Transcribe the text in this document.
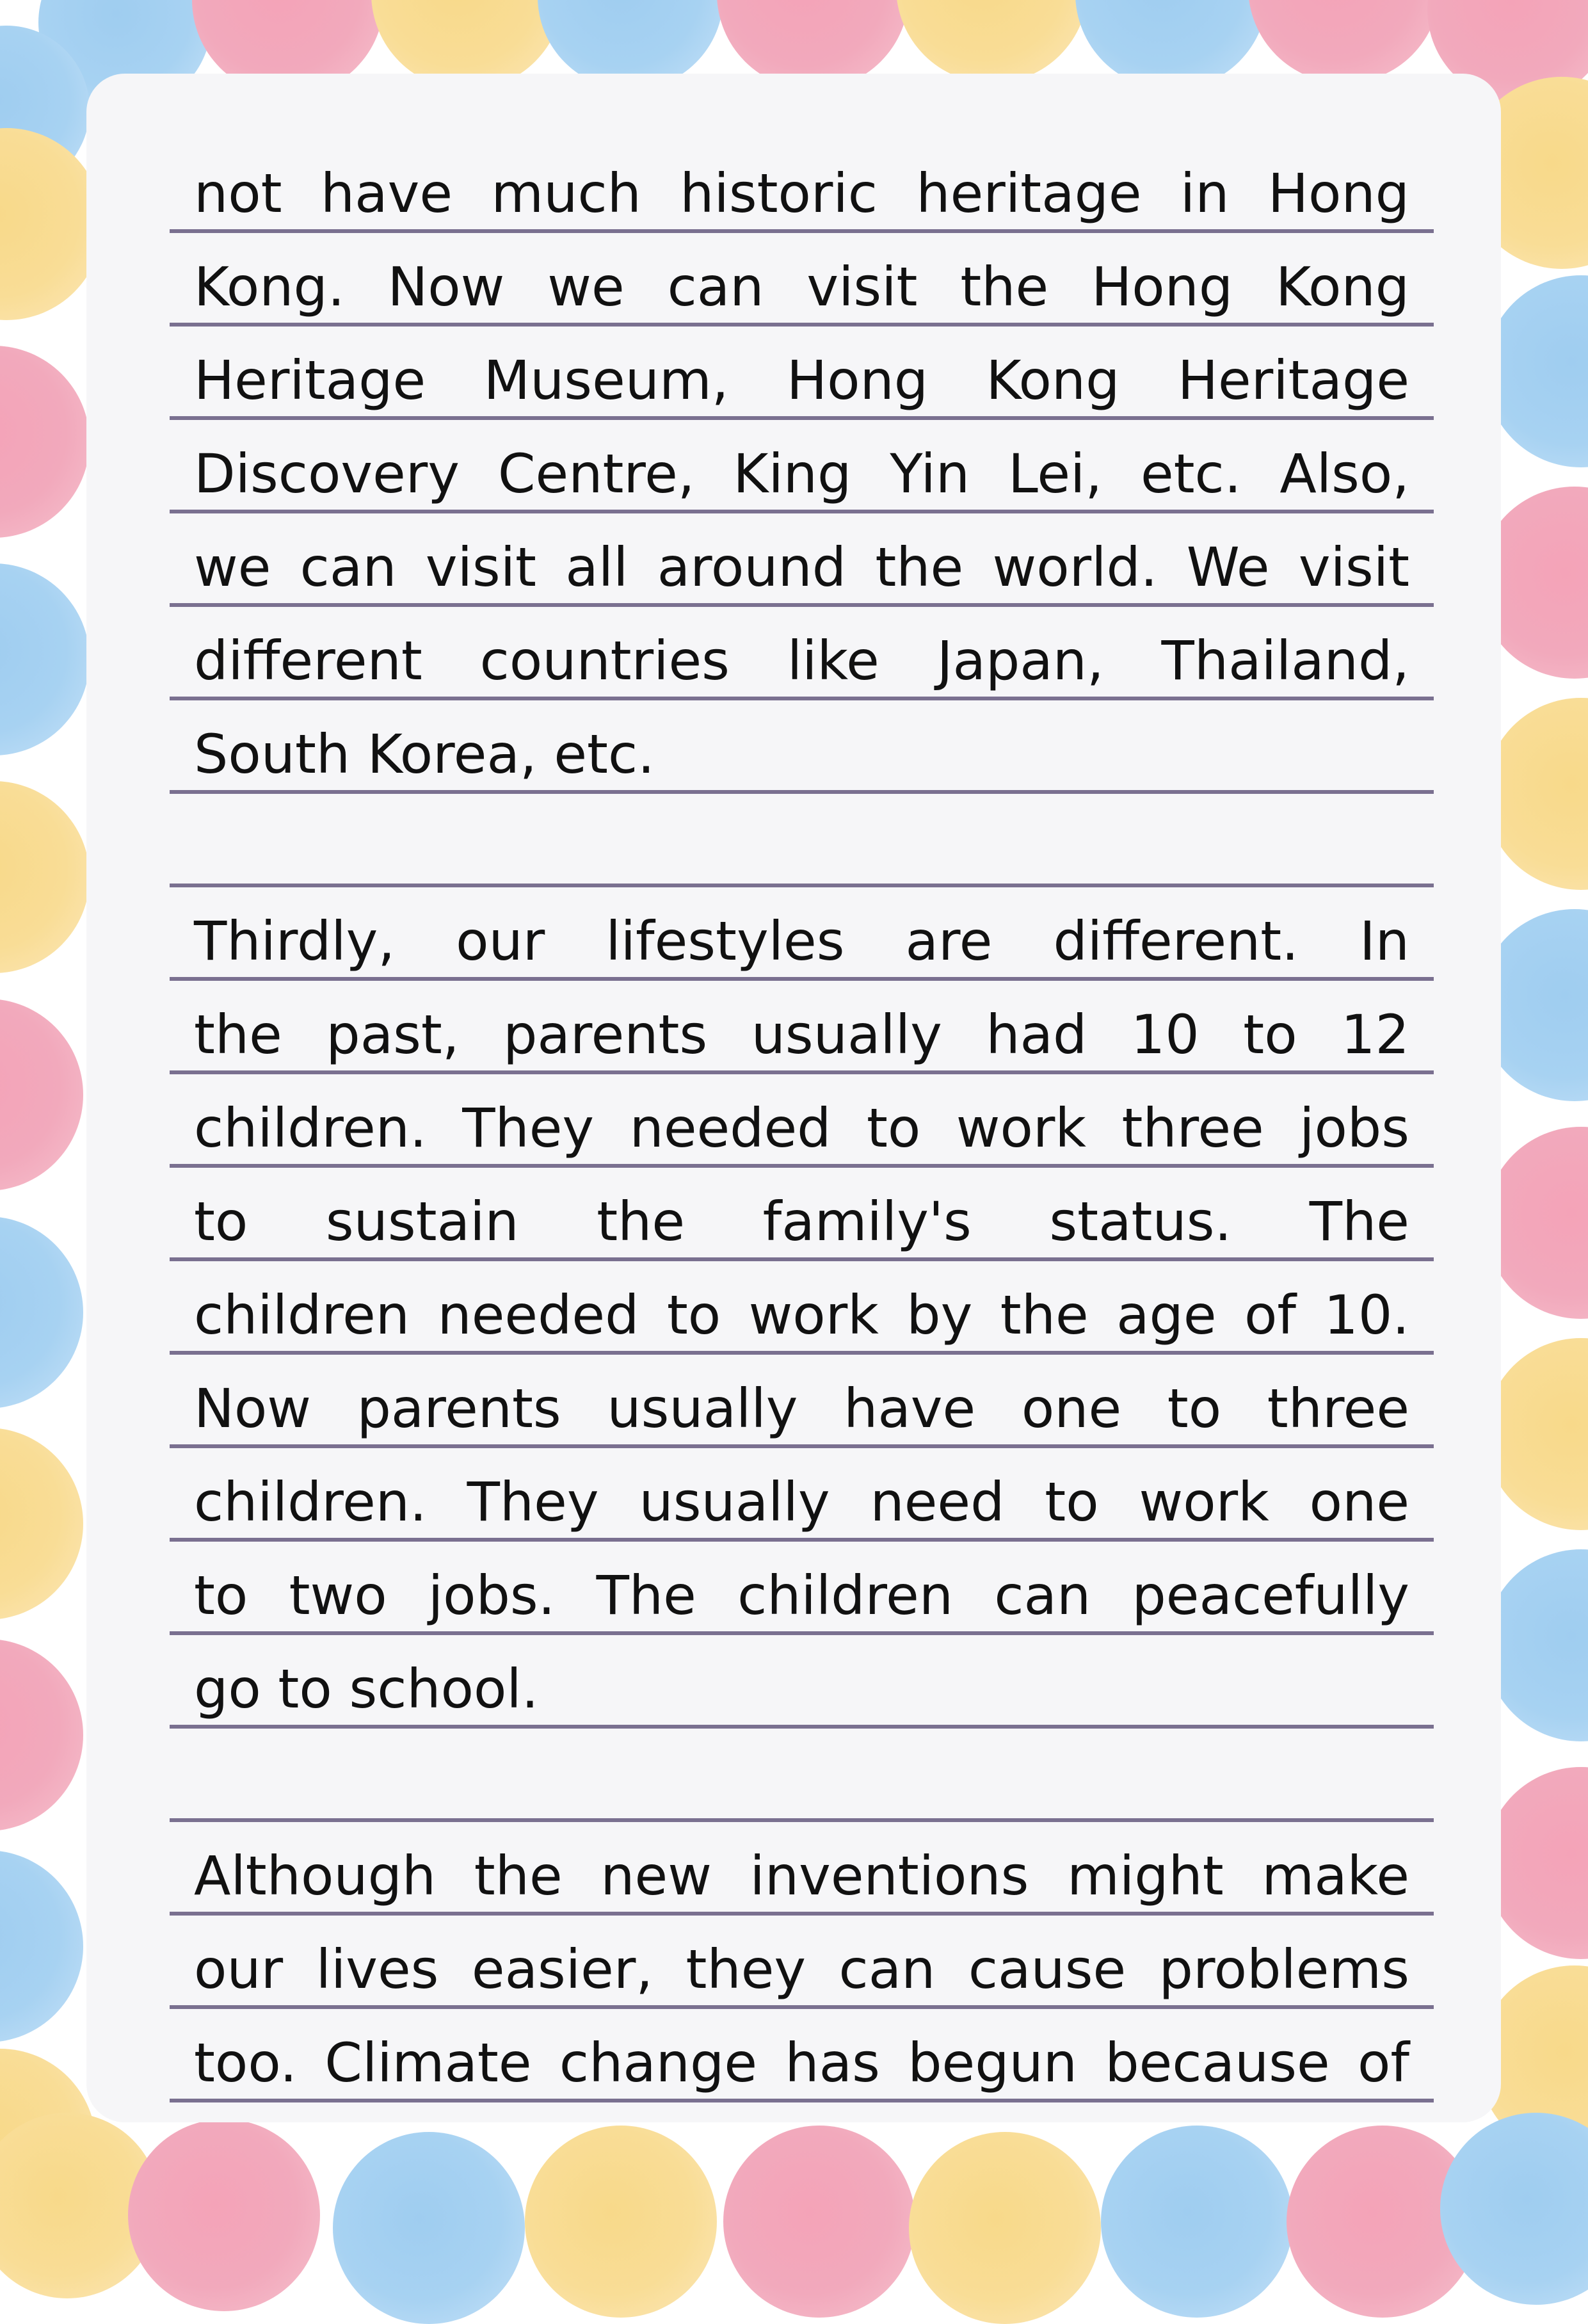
not have much historic heritage in Hong
Kong. Now we can visit the Hong Kong
Heritage Museum, Hong Kong Heritage
Discovery Centre, King Yin Lei, etc. Also,
we can visit all around the world. We visit
different countries like Japan, Thailand,
South Korea, etc.
Thirdly, our lifestyles are different. In
the past, parents usually had 10 to 12
children. They needed to work three jobs
to sustain the family's status. The
children needed to work by the age of 10.
Now parents usually have one to three
children. They usually need to work one
to two jobs. The children can peacefully
go to school.
Although the new inventions might make
our lives easier, they can cause problems
too. Climate change has begun because of
